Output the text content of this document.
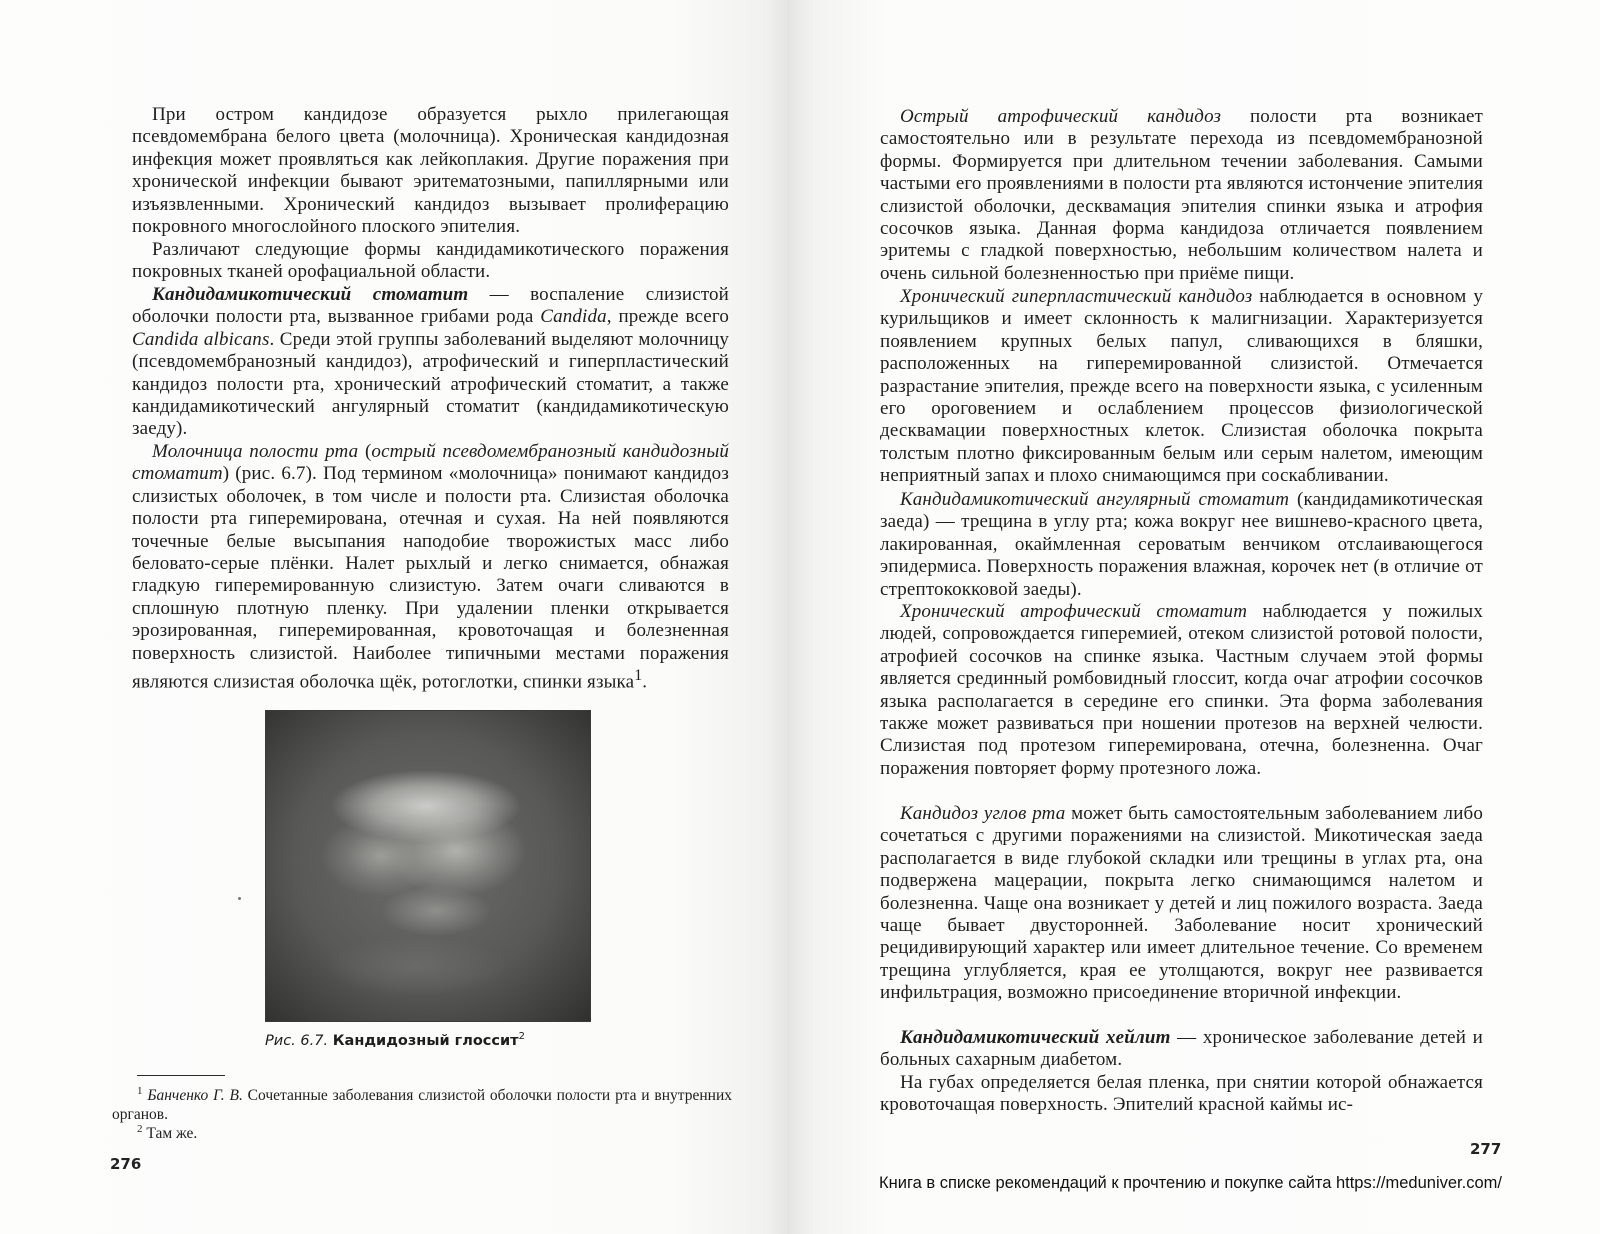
При остром кандидозе образуется рыхло прилегающая псевдомембрана белого цвета (молочница). Хроническая кандидозная инфекция может проявляться как лейкоплакия. Другие поражения при хронической инфекции бывают эритематозными, папиллярными или изъязвленными. Хронический кандидоз вызывает пролиферацию покровного многослойного плоского эпителия.

Различают следующие формы кандидамикотического поражения покровных тканей орофациальной области.

Кандидамикотический стоматит — воспаление слизистой оболочки полости рта, вызванное грибами рода Candida, прежде всего Candida albicans. Среди этой группы заболеваний выделяют молочницу (псевдомембранозный кандидоз), атрофический и гиперпластический кандидоз полости рта, хронический атрофический стоматит, а также кандидамикотический ангулярный стоматит (кандидамикотическую заеду).

Молочница полости рта (острый псевдомембранозный кандидозный стоматит) (рис. 6.7). Под термином «молочница» понимают кандидоз слизистых оболочек, в том числе и полости рта. Слизистая оболочка полости рта гиперемирована, отечная и сухая. На ней появляются точечные белые высыпания наподобие творожистых масс либо беловато-серые плёнки. Налет рыхлый и легко снимается, обнажая гладкую гиперемированную слизистую. Затем очаги сливаются в сплошную плотную пленку. При удалении пленки открывается эрозированная, гиперемированная, кровоточащая и болезненная поверхность слизистой. Наиболее типичными местами поражения являются слизистая оболочка щёк, ротоглотки, спинки языка$^1$.

Рис. 6.7. Кандидозный глоссит$^2$

$^1$ Банченко Г. В. Сочетанные заболевания слизистой оболочки полости рта и внутренних органов.

$^2$ Там же.

276

Острый атрофический кандидоз полости рта возникает самостоятельно или в результате перехода из псевдомембранозной формы. Формируется при длительном течении заболевания. Самыми частыми его проявлениями в полости рта являются истончение эпителия слизистой оболочки, десквамация эпителия спинки языка и атрофия сосочков языка. Данная форма кандидоза отличается появлением эритемы с гладкой поверхностью, небольшим количеством налета и очень сильной болезненностью при приёме пищи.

Хронический гиперпластический кандидоз наблюдается в основном у курильщиков и имеет склонность к малигнизации. Характеризуется появлением крупных белых папул, сливающихся в бляшки, расположенных на гиперемированной слизистой. Отмечается разрастание эпителия, прежде всего на поверхности языка, с усиленным его ороговением и ослаблением процессов физиологической десквамации поверхностных клеток. Слизистая оболочка покрыта толстым плотно фиксированным белым или серым налетом, имеющим неприятный запах и плохо снимающимся при соскабливании.

Кандидамикотический ангулярный стоматит (кандидамикотическая заеда) — трещина в углу рта; кожа вокруг нее вишнево-красного цвета, лакированная, окаймленная сероватым венчиком отслаивающегося эпидермиса. Поверхность поражения влажная, корочек нет (в отличие от стрептококковой заеды).

Хронический атрофический стоматит наблюдается у пожилых людей, сопровождается гиперемией, отеком слизистой ротовой полости, атрофией сосочков на спинке языка. Частным случаем этой формы является срединный ромбовидный глоссит, когда очаг атрофии сосочков языка располагается в середине его спинки. Эта форма заболевания также может развиваться при ношении протезов на верхней челюсти. Слизистая под протезом гиперемирована, отечна, болезненна. Очаг поражения повторяет форму протезного ложа.

Кандидоз углов рта может быть самостоятельным заболеванием либо сочетаться с другими поражениями на слизистой. Микотическая заеда располагается в виде глубокой складки или трещины в углах рта, она подвержена мацерации, покрыта легко снимающимся налетом и болезненна. Чаще она возникает у детей и лиц пожилого возраста. Заеда чаще бывает двусторонней. Заболевание носит хронический рецидивирующий характер или имеет длительное течение. Со временем трещина углубляется, края ее утолщаются, вокруг нее развивается инфильтрация, возможно присоединение вторичной инфекции.

Кандидамикотический хейлит — хроническое заболевание детей и больных сахарным диабетом.

На губах определяется белая пленка, при снятии которой обнажается кровоточащая поверхность. Эпителий красной каймы ис-

277
Книга в списке рекомендаций к прочтению и покупке сайта https://meduniver.com/
